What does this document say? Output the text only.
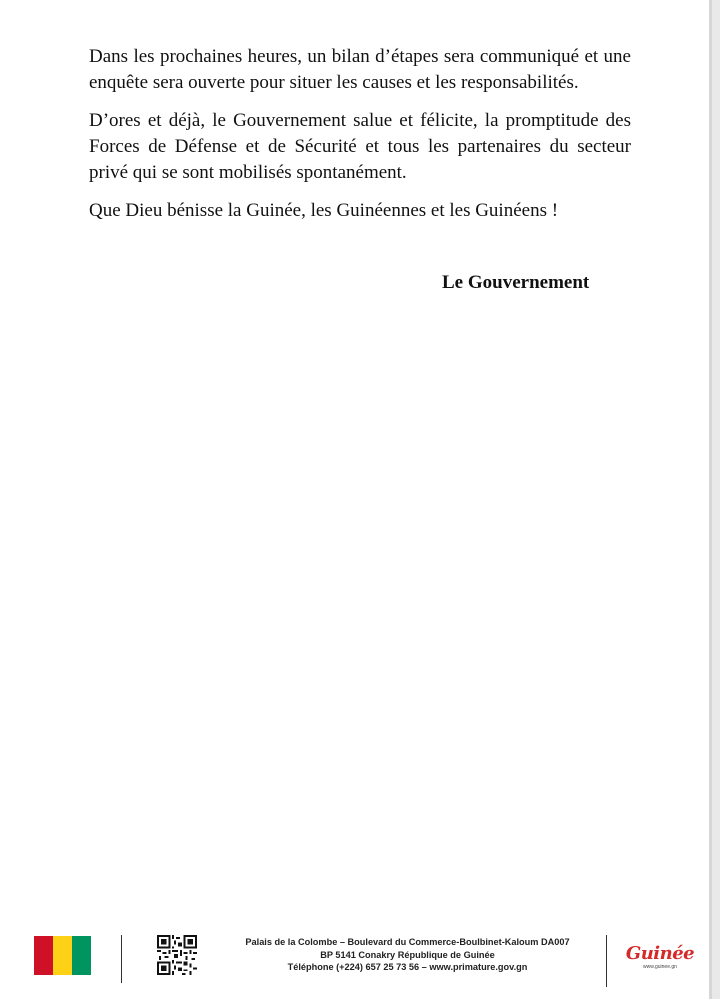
Dans les prochaines heures, un bilan d’étapes sera communiqué et une enquête sera ouverte pour situer les causes et les responsabilités.

D’ores et déjà, le Gouvernement salue et félicite, la promptitude des Forces de Défense et de Sécurité et tous les partenaires du secteur privé qui se sont mobilisés spontanément.

Que Dieu bénisse la Guinée, les Guinéennes et les Guinéens !

Le Gouvernement
Palais de la Colombe – Boulevard du Commerce-Boulbinet-Kaloum DA007
BP 5141 Conakry République de Guinée
Téléphone (+224) 657 25 73 56 – www.primature.gov.gn
Guinée
www.guinee.gn
